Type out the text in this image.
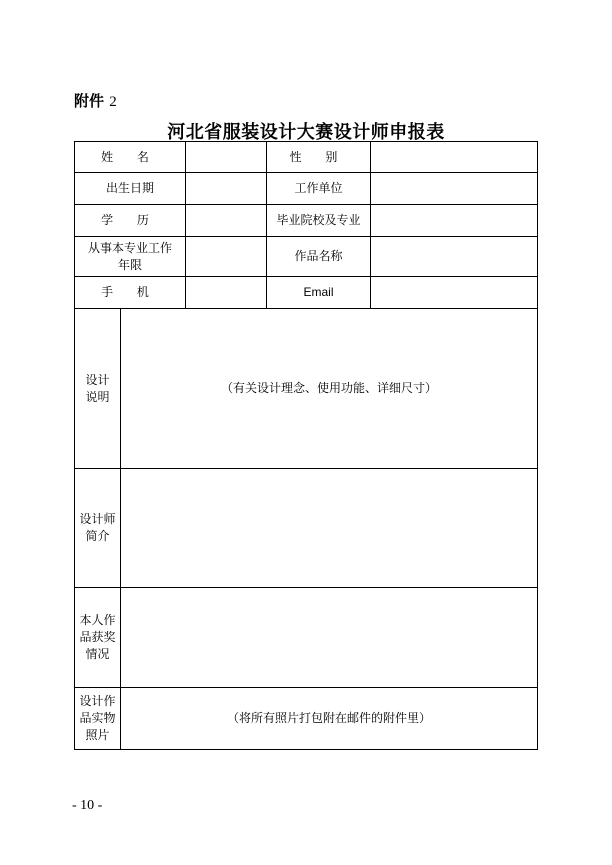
附件 2
河北省服装设计大赛设计师申报表
姓 名			性 别	
出生日期			工作单位	
学 历			毕业院校及专业	

从事本专业工作
年限			作品名称	
手 机			Email	

设计
说明	（有关设计理念、使用功能、详细尺寸）			

设计师
简介				

本人作
品获奖
情况				

设计作
品实物
照片	（将所有照片打包附在邮件的附件里）			
- 10 -
